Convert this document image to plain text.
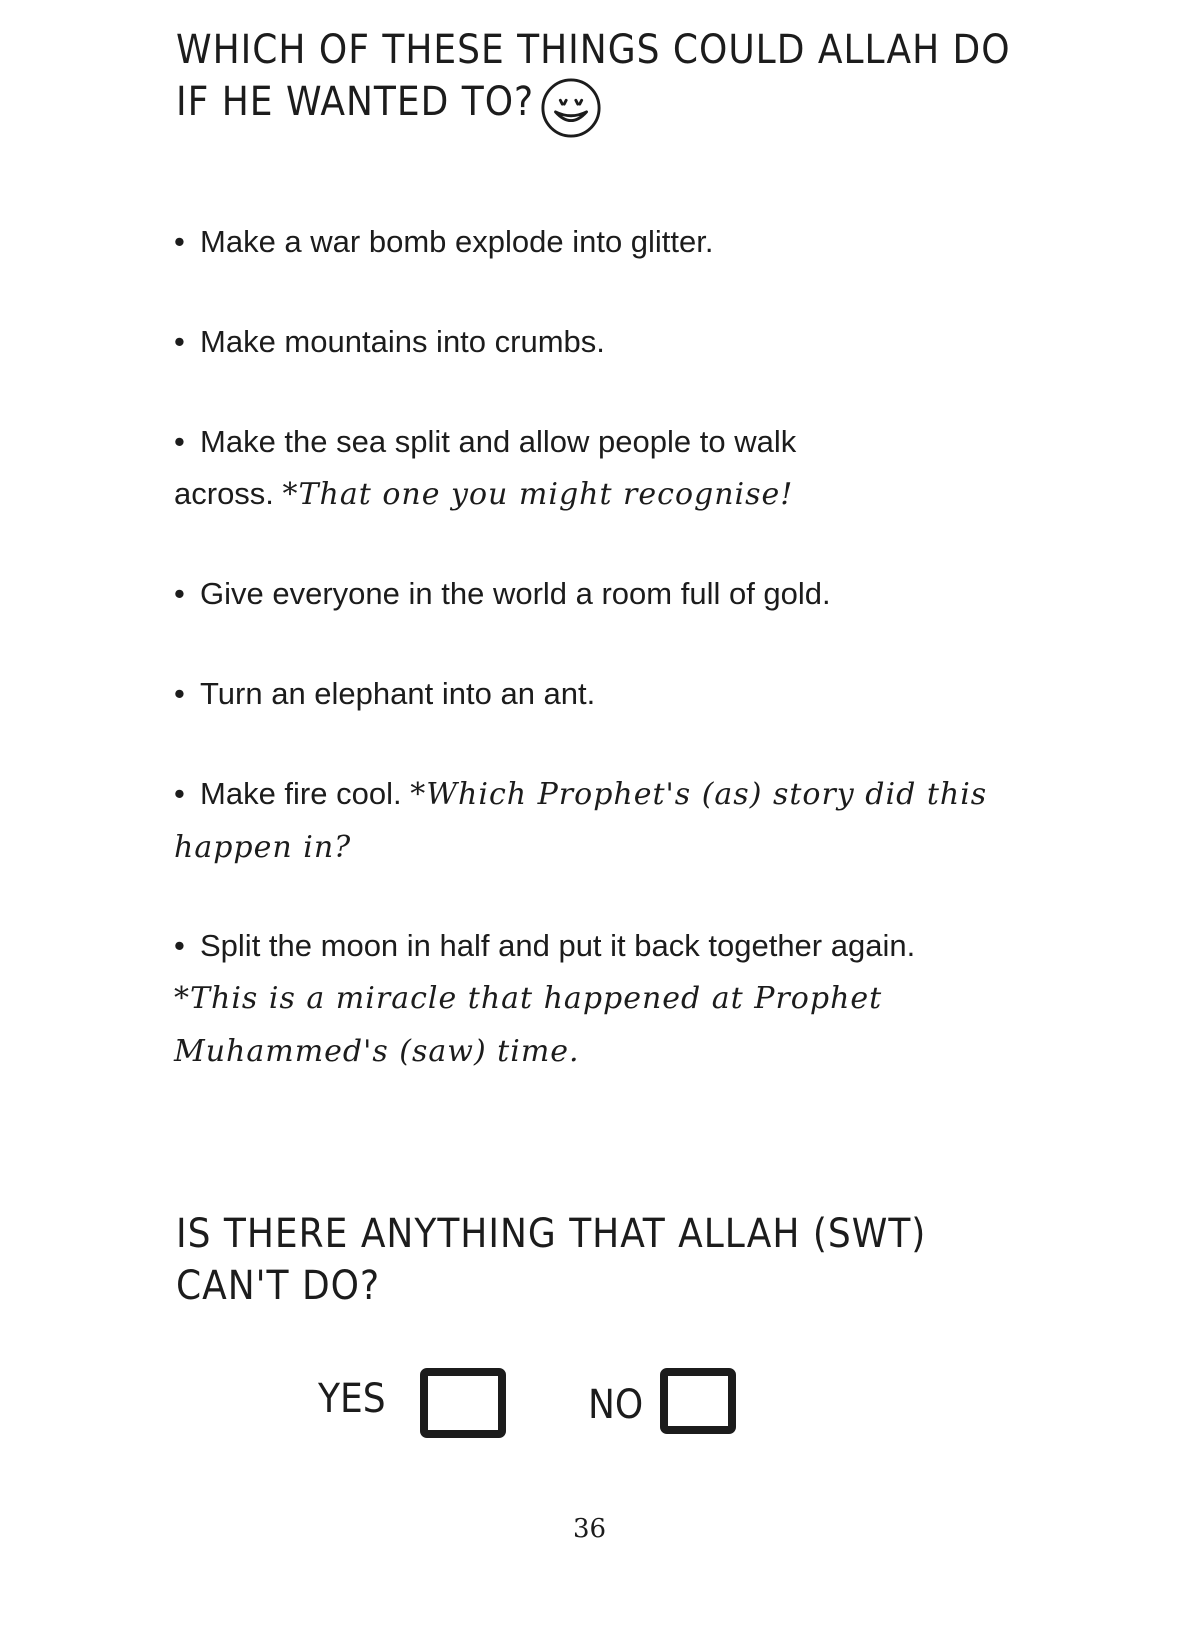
WHICH OF THESE THINGS COULD ALLAH DO IF HE WANTED TO?

• Make a war bomb explode into glitter.

• Make mountains into crumbs.

• Make the sea split and allow people to walk across. *That one you might recognise!

• Give everyone in the world a room full of gold.

• Turn an elephant into an ant.

• Make fire cool. *Which Prophet's (as) story did this happen in?

• Split the moon in half and put it back together again. *This is a miracle that happened at Prophet Muhammed's (saw) time.

IS THERE ANYTHING THAT ALLAH (SWT) CAN'T DO?
YES	NO
36
